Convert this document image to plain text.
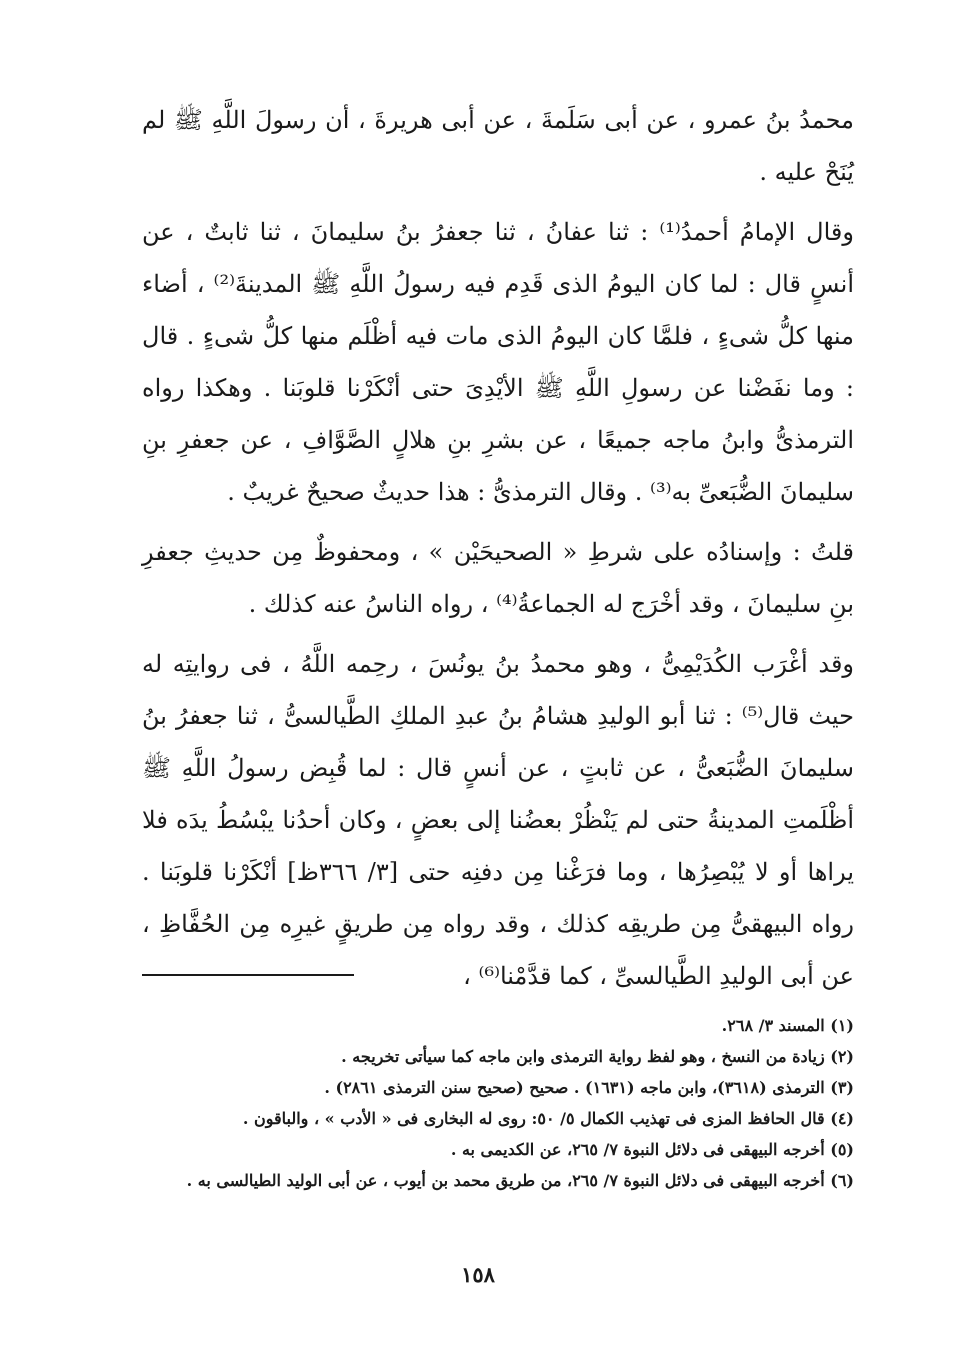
محمدُ بنُ عمرو ، عن أبى سَلَمةَ ، عن أبى هريرةَ ، أن رسولَ اللَّهِ ﷺ لم يُنَحْ عليه .

وقال الإمامُ أحمدُ⁽¹⁾ : ثنا عفانُ ، ثنا جعفرُ بنُ سليمانَ ، ثنا ثابتٌ ، عن أنسٍ قال : لما كان اليومُ الذى قَدِم فيه رسولُ اللَّهِ ﷺ المدينةَ⁽²⁾ ، أضاء منها كلُّ شىءٍ ، فلمَّا كان اليومُ الذى مات فيه أظْلَم منها كلُّ شىءٍ . قال : وما نفَضْنا عن رسولِ اللَّهِ ﷺ الأيْدِىَ حتى أنْكَرْنا قلوبَنا . وهكذا رواه الترمذىُّ وابنُ ماجه جميعًا ، عن بشرِ بنِ هلالٍ الصَّوَّافِ ، عن جعفرِ بنِ سليمانَ الضُّبَعىِّ به⁽³⁾ . وقال الترمذىُّ : هذا حديثٌ صحيحٌ غريبٌ .

قلتُ : وإسنادُه على شرطِ « الصحيحَيْن » ، ومحفوظٌ مِن حديثِ جعفرِ بنِ سليمانَ ، وقد أخْرَج له الجماعةُ⁽⁴⁾ ، رواه الناسُ عنه كذلك .

وقد أغْرَب الكُدَيْمِىُّ ، وهو محمدُ بنُ يونُسَ ، رحِمه اللَّهُ ، فى روايتِه له حيث قال⁽⁵⁾ : ثنا أبو الوليدِ هشامُ بنُ عبدِ الملكِ الطَّيالسىُّ ، ثنا جعفرُ بنُ سليمانَ الضُّبَعىُّ ، عن ثابتٍ ، عن أنسٍ قال : لما قُبِض رسولُ اللَّهِ ﷺ أظْلَمتِ المدينةُ حتى لم يَنْظُرْ بعضُنا إلى بعضٍ ، وكان أحدُنا يبْسُطُ يدَه فلا يراها أو لا يُبْصِرُها ، وما فرَغْنا مِن دفنِه حتى [٣/ ٣٦٦ظ] أنْكَرْنا قلوبَنا . رواه البيهقىُّ مِن طريقِه كذلك ، وقد رواه مِن طريقٍ غيرِه مِن الحُفَّاظِ ، عن أبى الوليدِ الطَّيالسىِّ ، كما قدَّمْنا⁽⁶⁾ ،

(١) المسند ٣/ ٢٦٨.

(٢) زيادة من النسخ ، وهو لفظ رواية الترمذى وابن ماجه كما سيأتى تخريجه .

(٣) الترمذى (٣٦١٨)، وابن ماجه (١٦٣١) . صحيح (صحيح سنن الترمذى ٢٨٦١) .

(٤) قال الحافظ المزى فى تهذيب الكمال ٥/ ٥٠: روى له البخارى فى « الأدب » ، والباقون .

(٥) أخرجه البيهقى فى دلائل النبوة ٧/ ٢٦٥، عن الكديمى به .

(٦) أخرجه البيهقى فى دلائل النبوة ٧/ ٢٦٥، من طريق محمد بن أيوب ، عن أبى الوليد الطيالسى به .

١٥٨
